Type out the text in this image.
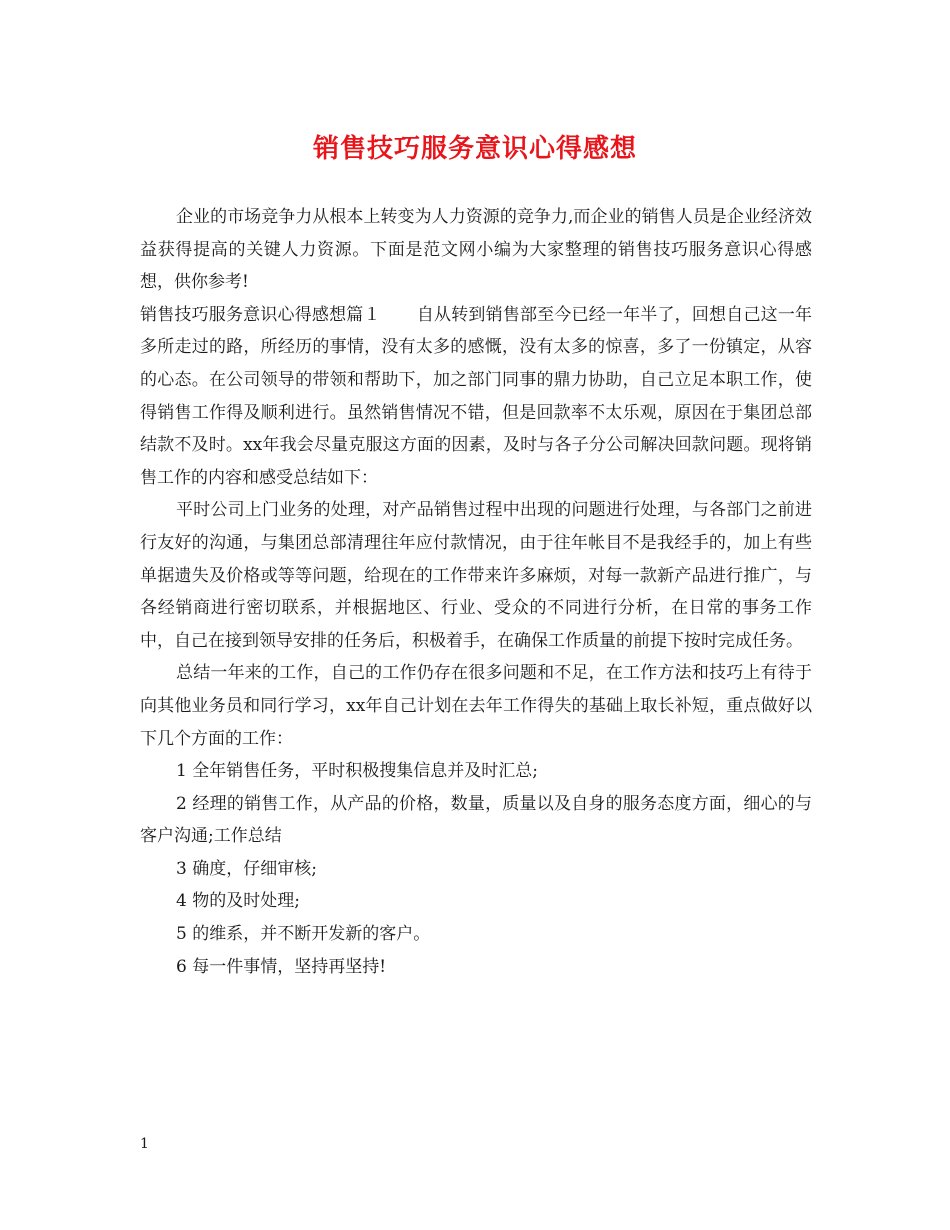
销售技巧服务意识心得感想

企业的市场竞争力从根本上转变为人力资源的竞争力,而企业的销售人员是企业经济效益获得提高的关键人力资源。下面是范文网小编为大家整理的销售技巧服务意识心得感想，供你参考!

销售技巧服务意识心得感想篇１ 自从转到销售部至今已经一年半了，回想自己这一年多所走过的路，所经历的事情，没有太多的感慨，没有太多的惊喜，多了一份镇定，从容的心态。在公司领导的带领和帮助下，加之部门同事的鼎力协助，自己立足本职工作，使得销售工作得及顺利进行。虽然销售情况不错，但是回款率不太乐观，原因在于集团总部结款不及时。xx年我会尽量克服这方面的因素，及时与各子分公司解决回款问题。现将销售工作的内容和感受总结如下：

平时公司上门业务的处理，对产品销售过程中出现的问题进行处理，与各部门之前进行友好的沟通，与集团总部清理往年应付款情况，由于往年帐目不是我经手的，加上有些单据遗失及价格或等等问题，给现在的工作带来许多麻烦，对每一款新产品进行推广，与各经销商进行密切联系，并根据地区、行业、受众的不同进行分析，在日常的事务工作中，自己在接到领导安排的任务后，积极着手，在确保工作质量的前提下按时完成任务。

总结一年来的工作，自己的工作仍存在很多问题和不足，在工作方法和技巧上有待于向其他业务员和同行学习，xx年自己计划在去年工作得失的基础上取长补短，重点做好以下几个方面的工作：

1 全年销售任务，平时积极搜集信息并及时汇总;

2 经理的销售工作，从产品的价格，数量，质量以及自身的服务态度方面，细心的与客户沟通;工作总结

3 确度，仔细审核;

4 物的及时处理;

5 的维系，并不断开发新的客户。

6 每一件事情，坚持再坚持!

1
